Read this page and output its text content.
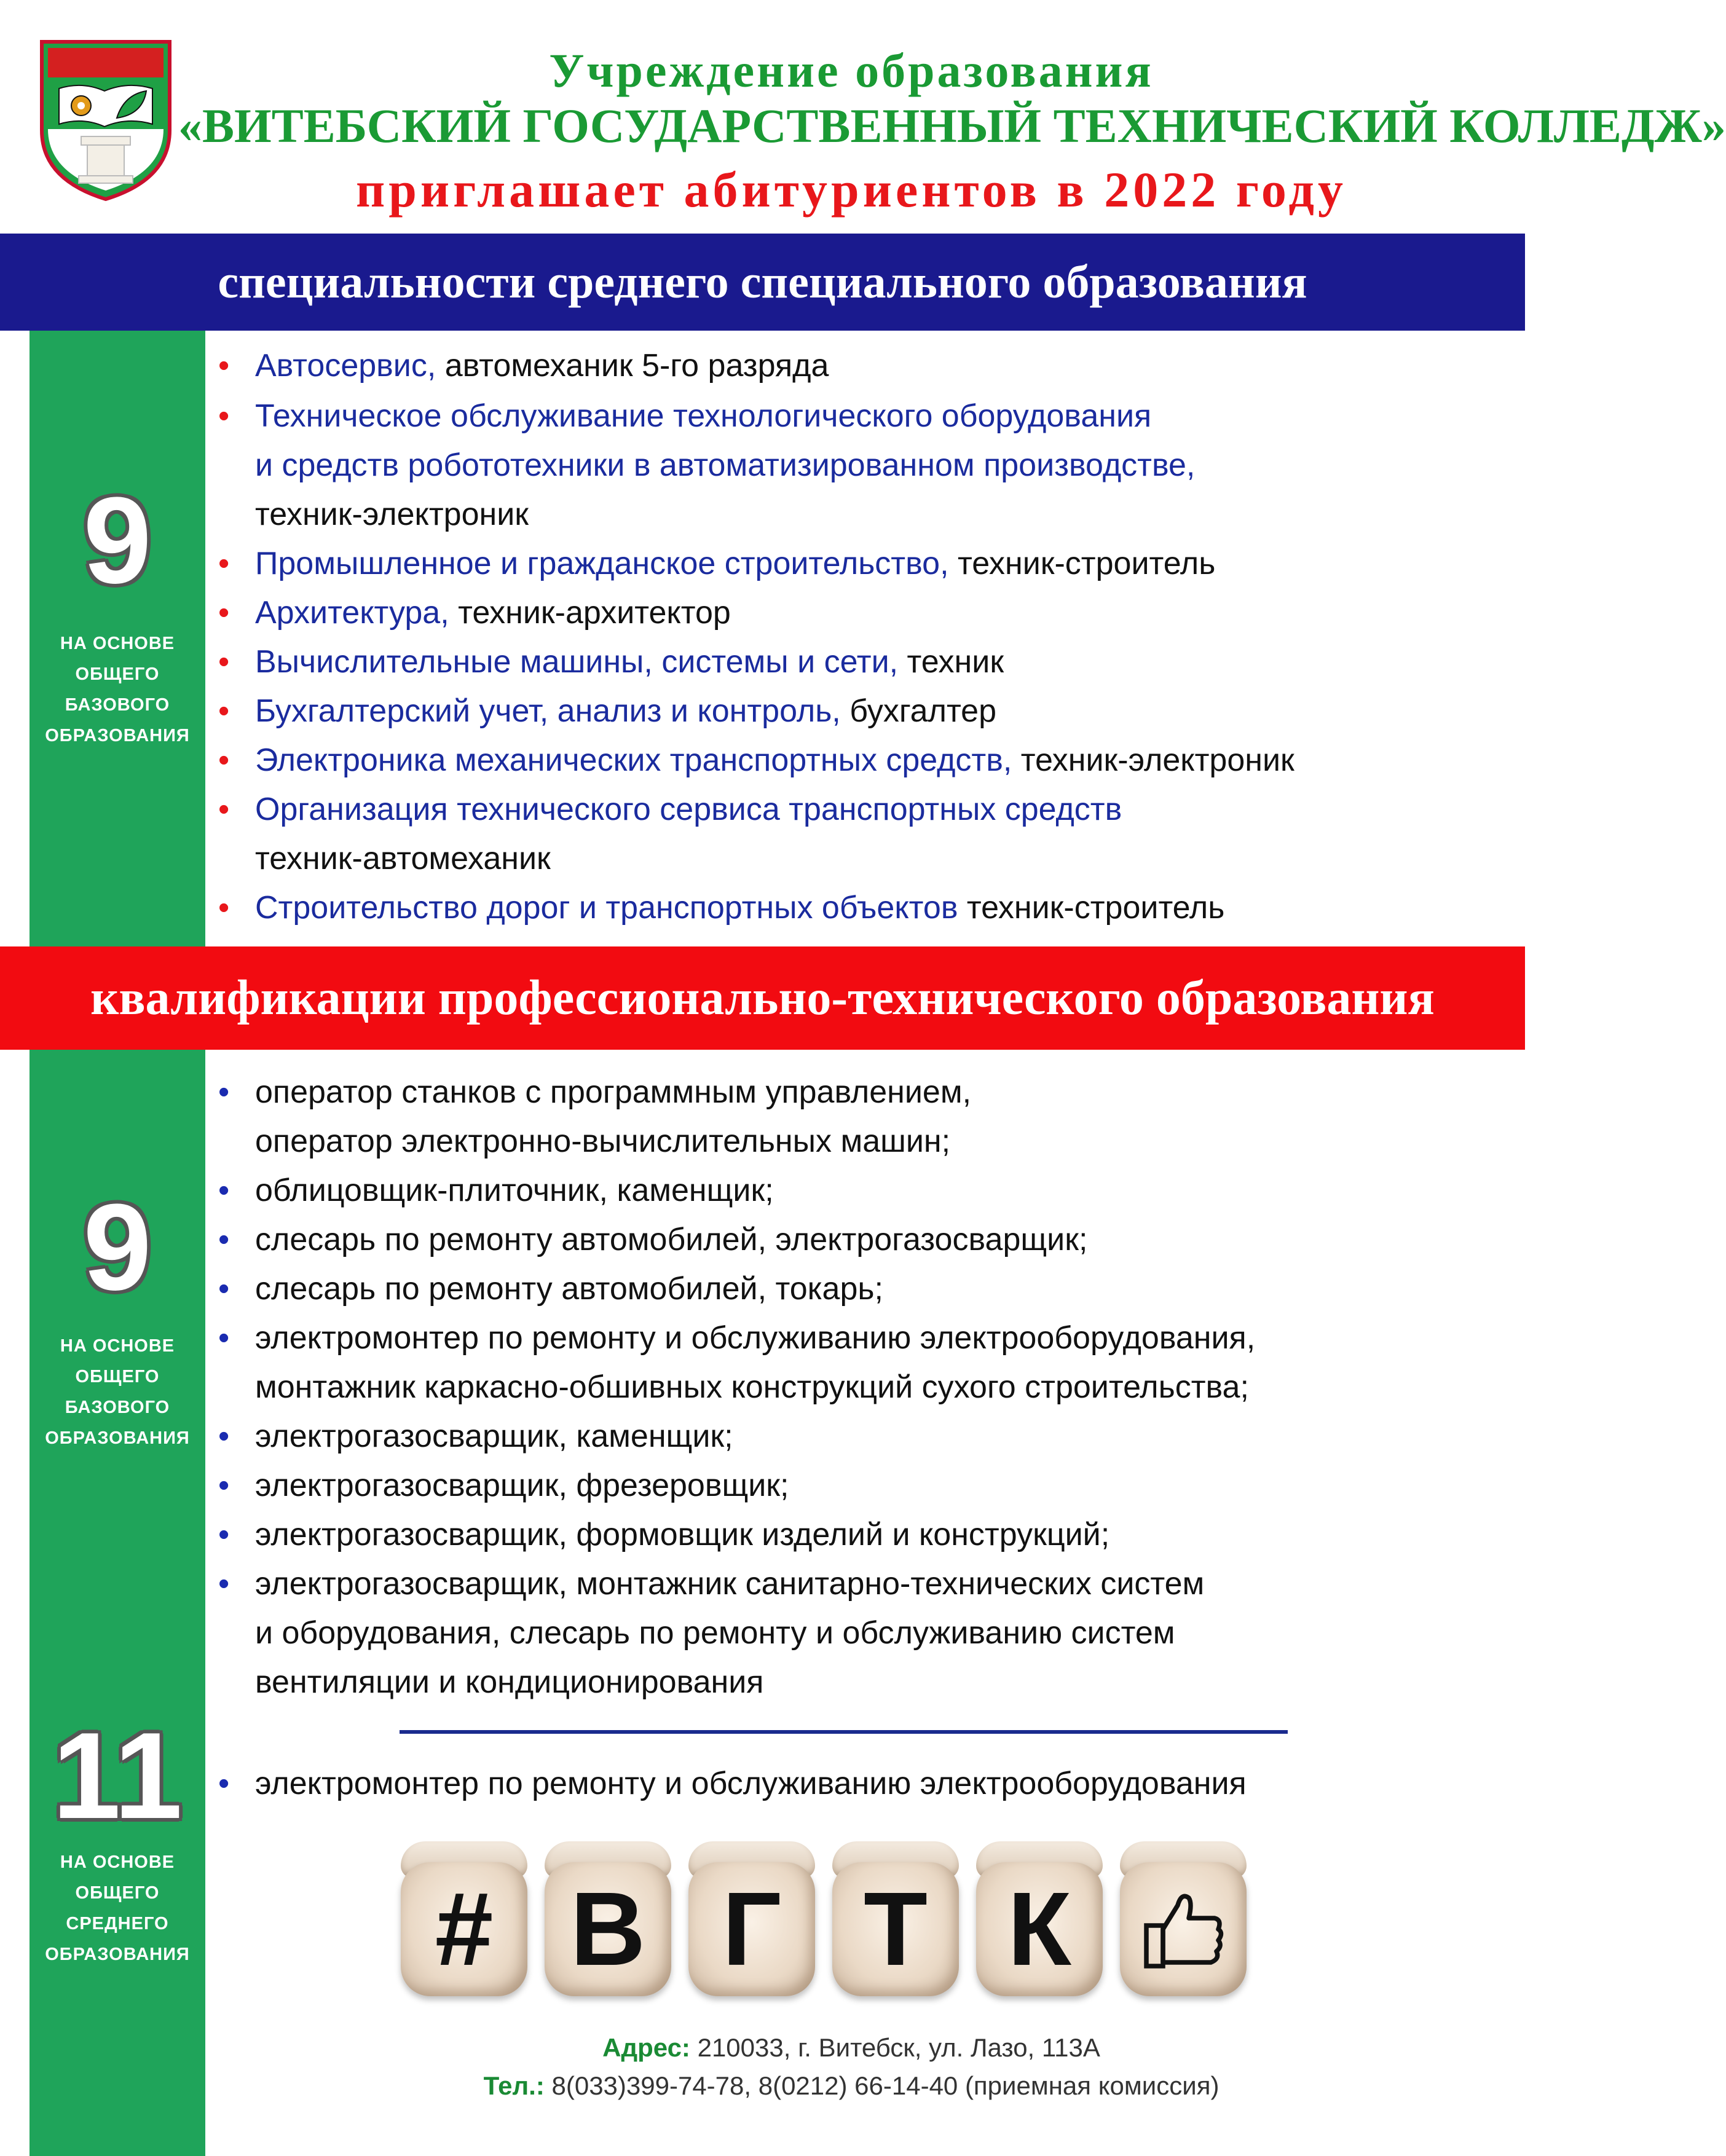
Учреждение образования
«ВИТЕБСКИЙ ГОСУДАРСТВЕННЫЙ ТЕХНИЧЕСКИЙ КОЛЛЕДЖ»
приглашает абитуриентов в 2022 году
специальности среднего специального образования
9
НА ОСНОВЕ
ОБЩЕГО
БАЗОВОГО
ОБРАЗОВАНИЯ
• Автосервис, автомеханик 5-го разряда
• Техническое обслуживание технологического оборудования
и средств робототехники в автоматизированном производстве,
техник-электроник
• Промышленное и гражданское строительство, техник-строитель
• Архитектура, техник-архитектор
• Вычислительные машины, системы и сети, техник
• Бухгалтерский учет, анализ и контроль, бухгалтер
• Электроника механических транспортных средств, техник-электроник
• Организация технического сервиса транспортных средств
техник-автомеханик
• Строительство дорог и транспортных объектов техник-строитель
квалификации профессионально-технического образования
9
НА ОСНОВЕ
ОБЩЕГО
БАЗОВОГО
ОБРАЗОВАНИЯ
• оператор станков с программным управлением,
оператор электронно-вычислительных машин;
• облицовщик-плиточник, каменщик;
• слесарь по ремонту автомобилей, электрогазосварщик;
• слесарь по ремонту автомобилей, токарь;
• электромонтер по ремонту и обслуживанию электрооборудования,
монтажник каркасно-обшивных конструкций сухого строительства;
• электрогазосварщик, каменщик;
• электрогазосварщик, фрезеровщик;
• электрогазосварщик, формовщик изделий и конструкций;
• электрогазосварщик, монтажник санитарно-технических систем
и оборудования, слесарь по ремонту и обслуживанию систем
вентиляции и кондиционирования
11
НА ОСНОВЕ
ОБЩЕГО
СРЕДНЕГО
ОБРАЗОВАНИЯ
• электромонтер по ремонту и обслуживанию электрооборудования
# В Г Т К
Адрес: 210033, г. Витебск, ул. Лазо, 113А
Тел.: 8(033)399-74-78, 8(0212) 66-14-40 (приемная комиссия)
